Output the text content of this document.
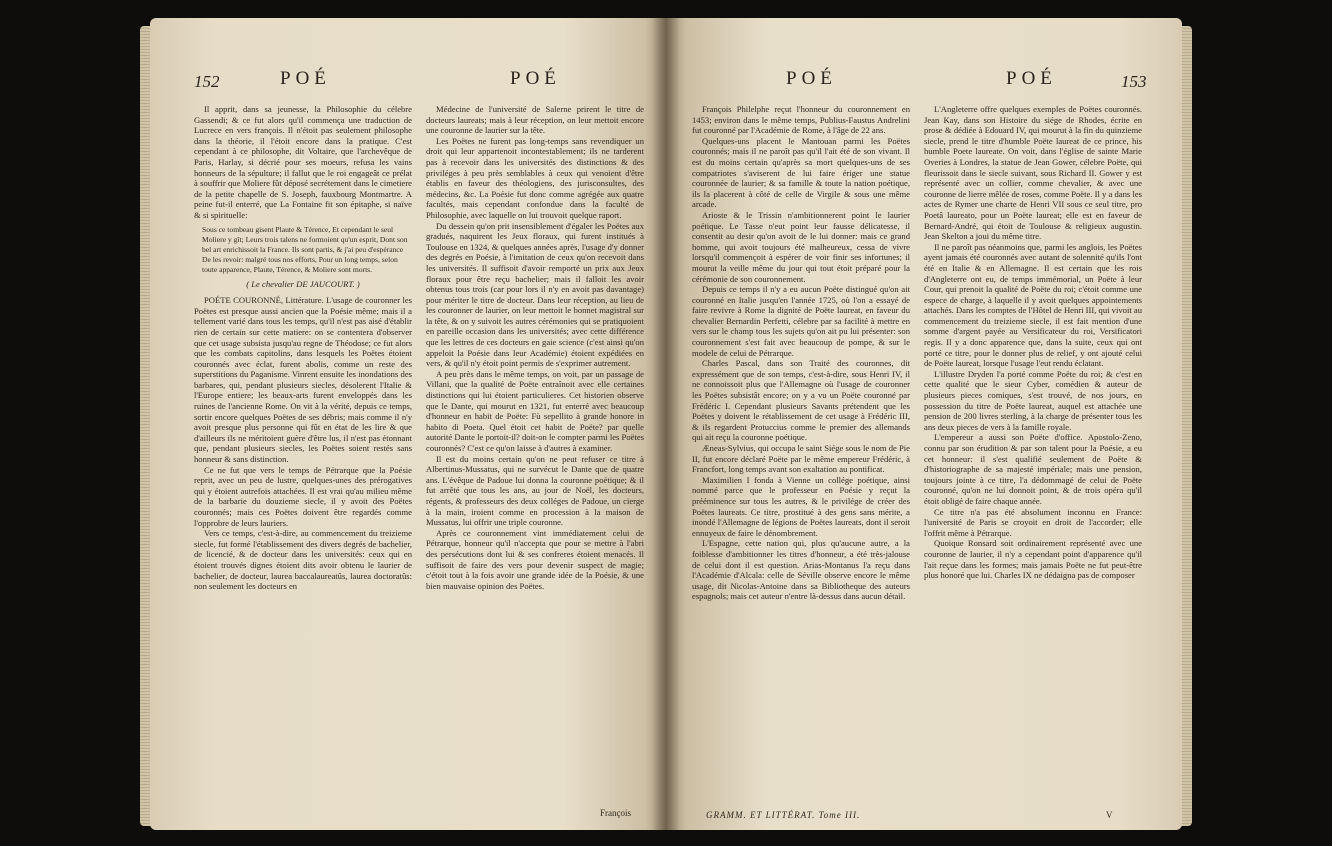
152	POÉ	POÉ

Il apprit, dans sa jeunesse, la Philosophie du célebre Gassendi; & ce fut alors qu'il commença une traduction de Lucrece en vers françois. Il n'étoit pas seulement philosophe dans la théorie, il l'étoit encore dans la pratique. C'est cependant à ce philosophe, dit Voltaire, que l'archevêque de Paris, Harlay, si décrié pour ses moeurs, refusa les vains honneurs de la sépulture; il fallut que le roi engageât ce prélat à souffrir que Moliere fût déposé secrétement dans le cimetiere de la petite chapelle de S. Joseph, fauxbourg Montmartre. A peine fut-il enterré, que La Fontaine fit son épitaphe, si naïve & si spirituelle:

Sous ce tombeau gisent Plaute & Térence, Et cependant le seul Moliere y gît; Leurs trois talens ne formoient qu'un esprit, Dont son bel art enrichissoit la France. Ils sont partis, & j'ai peu d'espérance De les revoir: malgré tous nos efforts, Pour un long temps, selon toute apparence, Plaute, Térence, & Moliere sont morts.

( Le chevalier DE JAUCOURT. )

POÉTE COURONNÉ, Littérature. L'usage de couronner les Poëtes est presque aussi ancien que la Poésie même; mais il a tellement varié dans tous les temps, qu'il n'est pas aisé d'établir rien de certain sur cette matiere: on se contentera d'observer que cet usage subsista jusqu'au regne de Théodose; ce fut alors que les combats capitolins, dans lesquels les Poëtes étoient couronnés avec éclat, furent abolis, comme un reste des superstitions du Paganisme. Vinrent ensuite les inondations des barbares, qui, pendant plusieurs siecles, désolerent l'Italie & l'Europe entiere; les beaux-arts furent enveloppés dans les ruines de l'ancienne Rome. On vit à la vérité, depuis ce temps, sortir encore quelques Poëtes de ses débris; mais comme il n'y avoit presque plus personne qui fût en état de les lire & que d'ailleurs ils ne méritoient guère d'être lus, il n'est pas étonnant que, pendant plusieurs siecles, les Poëtes soient restés sans honneur & sans distinction.

Ce ne fut que vers le temps de Pétrarque que la Poésie reprit, avec un peu de lustre, quelques-unes des prérogatives qui y étoient autrefois attachées. Il est vrai qu'au milieu même de la barbarie du douzieme siecle, il y avoit des Poëtes couronnés; mais ces Poëtes doivent être regardés comme l'opprobre de leurs lauriers.

Vers ce temps, c'est-à-dire, au commencement du treizieme siecle, fut formé l'établissement des divers degrés de bachelier, de licencié, & de docteur dans les universités: ceux qui en étoient trouvés dignes étoient dits avoir obtenu le laurier de bachelier, de docteur, laurea baccalaureatûs, laurea doctoratûs: non seulement les docteurs en

Médecine de l'université de Salerne prirent le titre de docteurs laureats; mais à leur réception, on leur mettoit encore une couronne de laurier sur la tête.

Les Poëtes ne furent pas long-temps sans revendiquer un droit qui leur appartenoit incontestablement; ils ne tarderent pas à recevoir dans les universités des distinctions & des priviléges à peu près semblables à ceux qui venoient d'être établis en faveur des théologiens, des jurisconsultes, des médecins, &c. La Poésie fut donc comme agrégée aux quatre facultés, mais cependant confondue dans la faculté de Philosophie, avec laquelle on lui trouvoit quelque raport.

Du dessein qu'on prit insensiblement d'égaler les Poëtes aux gradués, naquirent les Jeux floraux, qui furent institués à Toulouse en 1324, & quelques années après, l'usage d'y donner des degrés en Poésie, à l'imitation de ceux qu'on recevoit dans les universités. Il suffisoit d'avoir remporté un prix aux Jeux floraux pour être reçu bachelier; mais il falloit les avoir obtenus tous trois (car pour lors il n'y en avoit pas davantage) pour mériter le titre de docteur. Dans leur réception, au lieu de les couronner de laurier, on leur mettoit le bonnet magistral sur la tête, & on y suivoit les autres cérémonies qui se pratiquoient en pareille occasion dans les universités; avec cette différence que les lettres de ces docteurs en gaie science (c'est ainsi qu'on appeloit la Poésie dans leur Académie) étoient expédiées en vers, & qu'il n'y étoit point permis de s'exprimer autrement.

A peu près dans le même temps, on voit, par un passage de Villani, que la qualité de Poëte entraînoit avec elle certaines distinctions qui lui étoient particulieres. Cet historien observe que le Dante, qui mourut en 1321, fut enterré avec beaucoup d'honneur en habit de Poëte: Fù sepellito à grande honore in habito di Poeta. Quel étoit cet habit de Poëte? par quelle autorité Dante le portoit-il? doit-on le compter parmi les Poëtes couronnés? C'est ce qu'on laisse à d'autres à examiner.

Il est du moins certain qu'on ne peut refuser ce titre à Albertinus-Mussatus, qui ne survécut le Dante que de quatre ans. L'évêque de Padoue lui donna la couronne poétique; & il fut arrêté que tous les ans, au jour de Noël, les docteurs, régents, & professeurs des deux colléges de Padoue, un cierge à la main, iroient comme en procession à la maison de Mussatus, lui offrir une triple couronne.

Après ce couronnement vint immédiatement celui de Pétrarque, honneur qu'il n'accepta que pour se mettre à l'abri des persécutions dont lui & ses confreres étoient menacés. Il suffisoit de faire des vers pour devenir suspect de magie; c'étoit tout à la fois avoir une grande idée de la Poésie, & une bien mauvaise opinion des Poëtes.

François
POÉ	POÉ	153

François Philelphe reçut l'honneur du couronnement en 1453; environ dans le même temps, Publius-Faustus Andrelini fut couronné par l'Académie de Rome, à l'âge de 22 ans.

Quelques-uns placent le Mantouan parmi les Poëtes couronnés; mais il ne paroît pas qu'il l'ait été de son vivant. Il est du moins certain qu'après sa mort quelques-uns de ses compatriotes s'aviserent de lui faire ériger une statue couronnée de laurier; & sa famille & toute la nation poétique, ils la placerent à côté de celle de Virgile & sous une même arcade.

Arioste & le Trissin n'ambitionnerent point le laurier poétique. Le Tasse n'eut point leur fausse délicatesse, il consentit au desir qu'on avoit de le lui donner: mais ce grand homme, qui avoit toujours été malheureux, cessa de vivre lorsqu'il commençoit à espérer de voir finir ses infortunes; il mourut la veille même du jour qui tout étoit préparé pour la cérémonie de son couronnement.

Depuis ce temps il n'y a eu aucun Poëte distingué qu'on ait couronné en Italie jusqu'en l'année 1725, où l'on a essayé de faire revivre à Rome la dignité de Poëte laureat, en faveur du chevalier Bernardin Perfetti, célebre par sa facilité à mettre en vers sur le champ tous les sujets qu'on ait pu lui présenter: son couronnement s'est fait avec beaucoup de pompe, & sur le modele de celui de Pétrarque.

Charles Pascal, dans son Traité des couronnes, dit expressément que de son temps, c'est-à-dire, sous Henri IV, il ne connoissoit plus que l'Allemagne où l'usage de couronner les Poëtes subsistât encore; on y a vu un Poëte couronné par Frédéric I. Cependant plusieurs Savants prétendent que les Poëtes y doivent le rétablissement de cet usage à Frédéric III, & ils regardent Protuccius comme le premier des allemands qui ait reçu la couronne poétique.

Æneas-Sylvius, qui occupa le saint Siége sous le nom de Pie II, fut encore déclaré Poëte par le même empereur Frédéric, à Francfort, long temps avant son exaltation au pontificat.

Maximilien I fonda à Vienne un collége poétique, ainsi nommé parce que le professeur en Poésie y reçut la prééminence sur tous les autres, & le privilége de créer des Poëtes laureats. Ce titre, prostitué à des gens sans mérite, a inondé l'Allemagne de légions de Poëtes laureats, dont il seroit ennuyeux de faire le dénombrement.

L'Espagne, cette nation qui, plus qu'aucune autre, a la foiblesse d'ambitionner les titres d'honneur, a été très-jalouse de celui dont il est question. Arias-Montanus l'a reçu dans l'Académie d'Alcala: celle de Séville observe encore le même usage, dit Nicolas-Antoine dans sa Bibliotheque des auteurs espagnols; mais cet auteur n'entre là-dessus dans aucun détail.

GRAMM. ET LITTÉRAT. Tome III.

L'Angleterre offre quelques exemples de Poëtes couronnés. Jean Kay, dans son Histoire du siége de Rhodes, écrite en prose & dédiée à Edouard IV, qui mourut à la fin du quinzieme siecle, prend le titre d'humble Poëte laureat de ce prince, his humble Poete laureate. On voit, dans l'église de sainte Marie Overies à Londres, la statue de Jean Gower, célebre Poëte, qui fleurissoit dans le siecle suivant, sous Richard II. Gower y est représenté avec un collier, comme chevalier, & avec une couronne de lierre mêlée de roses, comme Poëte. Il y a dans les actes de Rymer une charte de Henri VII sous ce seul titre, pro Poetâ laureato, pour un Poëte laureat; elle est en faveur de Bernard-André, qui étoit de Toulouse & religieux augustin. Jean Skelton a joui du même titre.

Il ne paroît pas néanmoins que, parmi les anglois, les Poëtes ayent jamais été couronnés avec autant de solennité qu'ils l'ont été en Italie & en Allemagne. Il est certain que les rois d'Angleterre ont eu, de temps immémorial, un Poëte à leur Cour, qui prenoit la qualité de Poëte du roi; c'étoit comme une espece de charge, à laquelle il y avoit quelques appointements attachés. Dans les comptes de l'Hôtel de Henri III, qui vivoit au commencement du treizieme siecle, il est fait mention d'une somme d'argent payée au Versificateur du roi, Versificatori regis. Il y a donc apparence que, dans la suite, ceux qui ont porté ce titre, pour le donner plus de relief, y ont ajouté celui de Poëte laureat, lorsque l'usage l'eut rendu éclatant.

L'illustre Dryden l'a porté comme Poëte du roi; & c'est en cette qualité que le sieur Cyber, comédien & auteur de plusieurs pieces comiques, s'est trouvé, de nos jours, en possession du titre de Poëte laureat, auquel est attachée une pension de 200 livres sterling, à la charge de présenter tous les ans deux pieces de vers à la famille royale.

L'empereur a aussi son Poëte d'office. Apostolo-Zeno, connu par son érudition & par son talent pour la Poésie, a eu cet honneur: il s'est qualifié seulement de Poëte & d'historiographe de sa majesté impériale; mais une pension, toujours jointe à ce titre, l'a dédommagé de celui de Poëte couronné, qu'on ne lui donnoit point, & de trois opéra qu'il étoit obligé de faire chaque année.

Ce titre n'a pas été absolument inconnu en France: l'université de Paris se croyoit en droit de l'accorder; elle l'offrit même à Pétrarque.

Quoique Ronsard soit ordinairement représenté avec une couronne de laurier, il n'y a cependant point d'apparence qu'il l'ait reçue dans les formes; mais jamais Poëte ne fut peut-être plus honoré que lui. Charles IX ne dédaigna pas de composer

V
